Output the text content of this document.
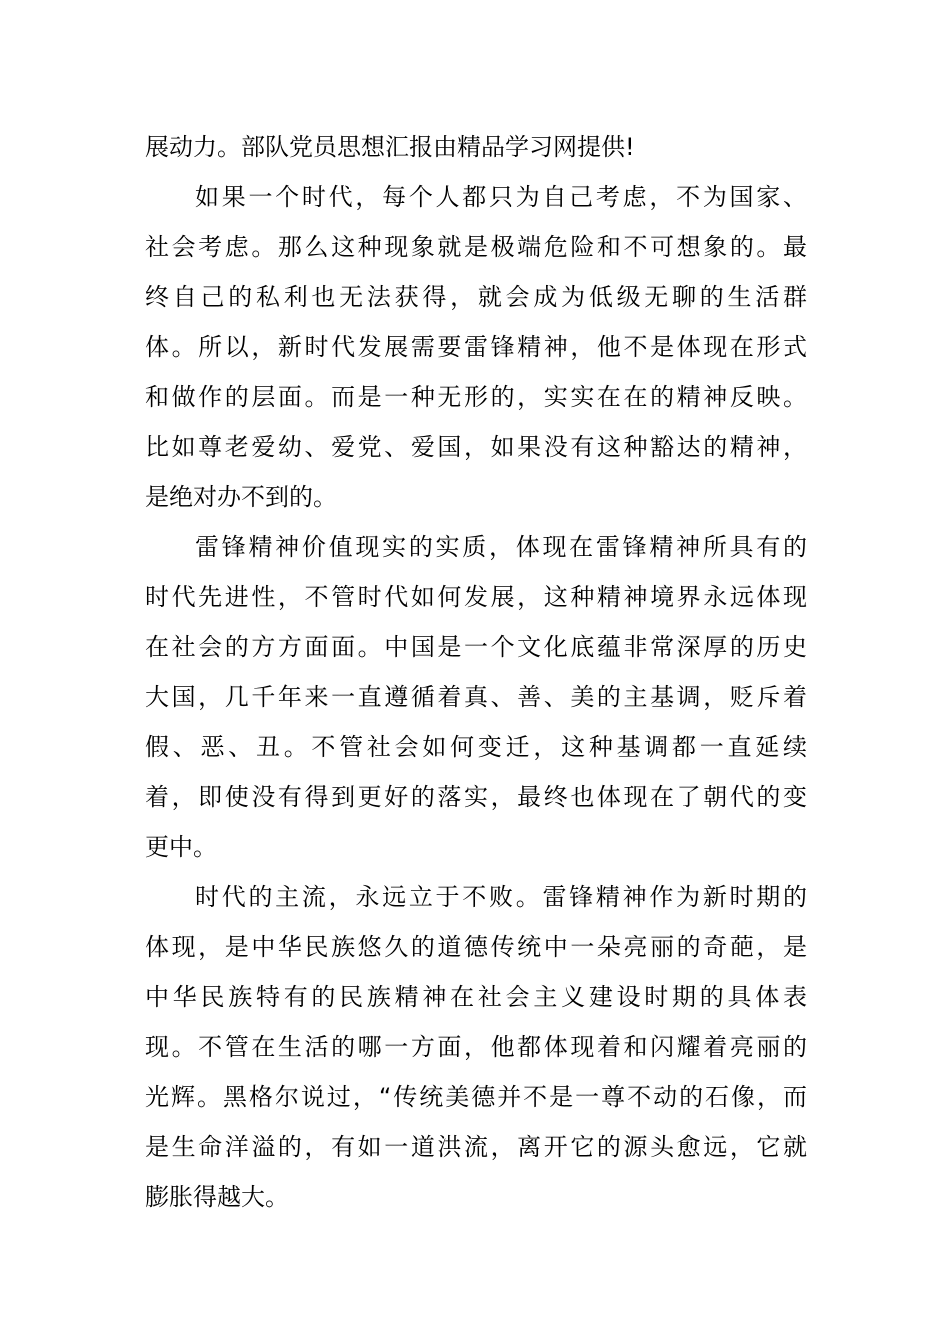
展动力。部队党员思想汇报由精品学习网提供!
如果一个时代，每个人都只为自己考虑，不为国家、
社会考虑。那么这种现象就是极端危险和不可想象的。最
终自己的私利也无法获得，就会成为低级无聊的生活群
体。所以，新时代发展需要雷锋精神，他不是体现在形式
和做作的层面。而是一种无形的，实实在在的精神反映。
比如尊老爱幼、爱党、爱国，如果没有这种豁达的精神，
是绝对办不到的。
雷锋精神价值现实的实质，体现在雷锋精神所具有的
时代先进性，不管时代如何发展，这种精神境界永远体现
在社会的方方面面。中国是一个文化底蕴非常深厚的历史
大国，几千年来一直遵循着真、善、美的主基调，贬斥着
假、恶、丑。不管社会如何变迁，这种基调都一直延续
着，即使没有得到更好的落实，最终也体现在了朝代的变
更中。
时代的主流，永远立于不败。雷锋精神作为新时期的
体现，是中华民族悠久的道德传统中一朵亮丽的奇葩，是
中华民族特有的民族精神在社会主义建设时期的具体表
现。不管在生活的哪一方面，他都体现着和闪耀着亮丽的
光辉。黑格尔说过，“传统美德并不是一尊不动的石像，而
是生命洋溢的，有如一道洪流，离开它的源头愈远，它就
膨胀得越大。
